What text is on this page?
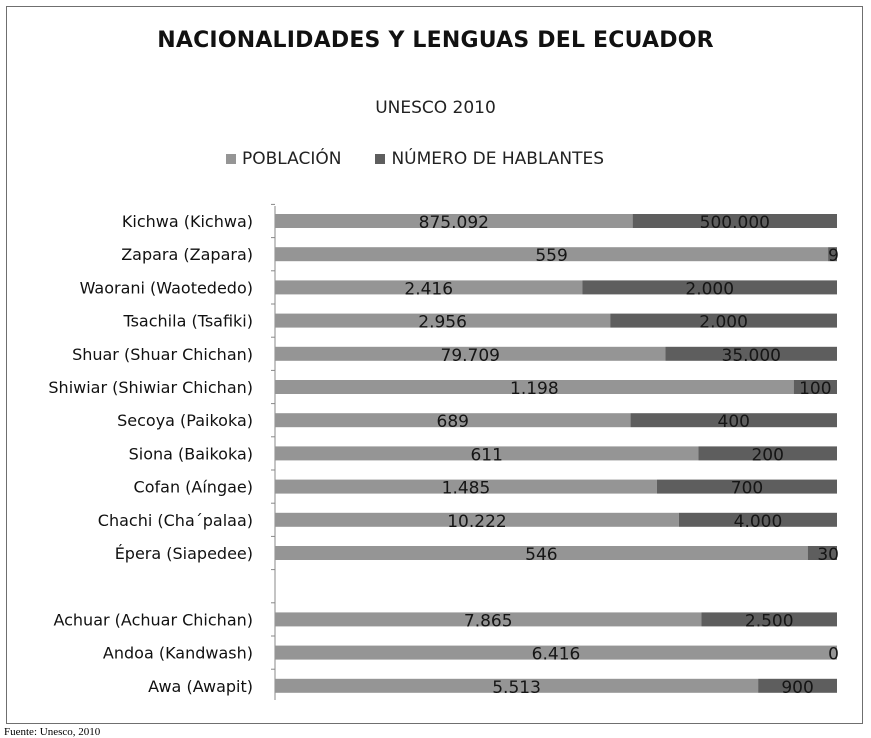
NACIONALIDADES Y LENGUAS DEL ECUADOR
UNESCO 2010
POBLACIÓN	NÚMERO DE HABLANTES
Kichwa (Kichwa)	875.092	500.000
Zapara (Zapara)	559	9
Waorani (Waotededo)	2.416	2.000
Tsachila (Tsafiki)	2.956	2.000
Shuar (Shuar Chichan)	79.709	35.000
Shiwiar (Shiwiar Chichan)	1.198	100
Secoya (Paikoka)	689	400
Siona (Baikoka)	611	200
Cofan (Aíngae)	1.485	700
Chachi (Cha´palaa)	10.222	4.000
Épera (Siapedee)	546	30
Achuar (Achuar Chichan)	7.865	2.500
Andoa (Kandwash)	6.416	0
Awa (Awapit)	5.513	900
Fuente: Unesco, 2010
